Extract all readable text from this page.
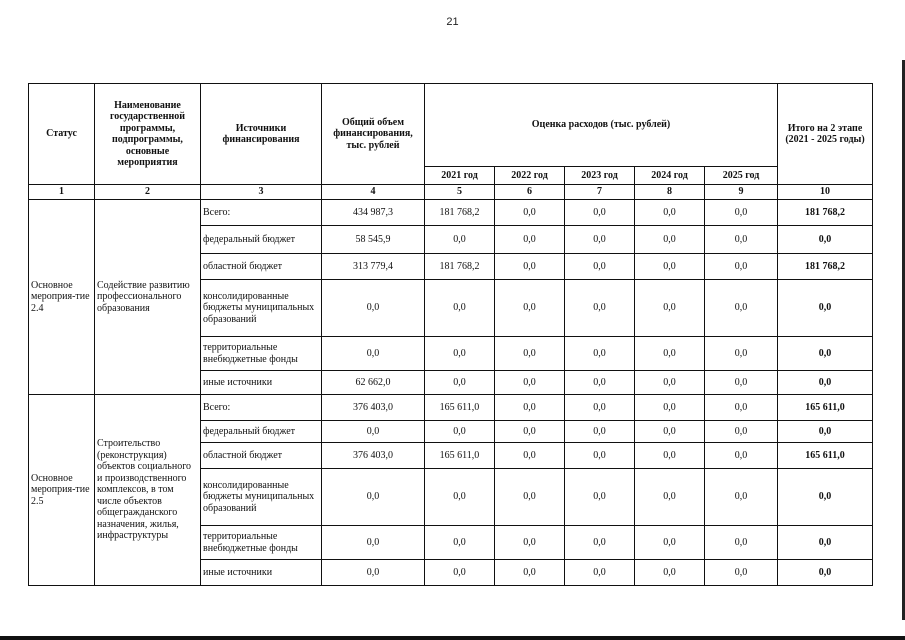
21
Статус	Наименование государственной программы, подпрограммы, основные мероприятия	Источники финансирования	Общий объем финансирования, тыс. рублей	Оценка расходов (тыс. рублей)					Итого на 2 этапе (2021 - 2025 годы)
				2021 год	2022 год	2023 год	2024 год	2025 год	
1	2	3	4	5	6	7	8	9	10
Основное мероприя-тие 2.4	Содействие развитию профессионального образования	Всего:	434 987,3	181 768,2	0,0	0,0	0,0	0,0	181 768,2
		федеральный бюджет	58 545,9	0,0	0,0	0,0	0,0	0,0	0,0
		областной бюджет	313 779,4	181 768,2	0,0	0,0	0,0	0,0	181 768,2
		консолидированные бюджеты муниципальных образований	0,0	0,0	0,0	0,0	0,0	0,0	0,0
		территориальные внебюджетные фонды	0,0	0,0	0,0	0,0	0,0	0,0	0,0
		иные источники	62 662,0	0,0	0,0	0,0	0,0	0,0	0,0
Основное мероприя-тие 2.5	Строительство (реконструкция) объектов социального и производственного комплексов, в том числе объектов общегражданского назначения, жилья, инфраструктуры	Всего:	376 403,0	165 611,0	0,0	0,0	0,0	0,0	165 611,0
		федеральный бюджет	0,0	0,0	0,0	0,0	0,0	0,0	0,0
		областной бюджет	376 403,0	165 611,0	0,0	0,0	0,0	0,0	165 611,0
		консолидированные бюджеты муниципальных образований	0,0	0,0	0,0	0,0	0,0	0,0	0,0
		территориальные внебюджетные фонды	0,0	0,0	0,0	0,0	0,0	0,0	0,0
		иные источники	0,0	0,0	0,0	0,0	0,0	0,0	0,0
